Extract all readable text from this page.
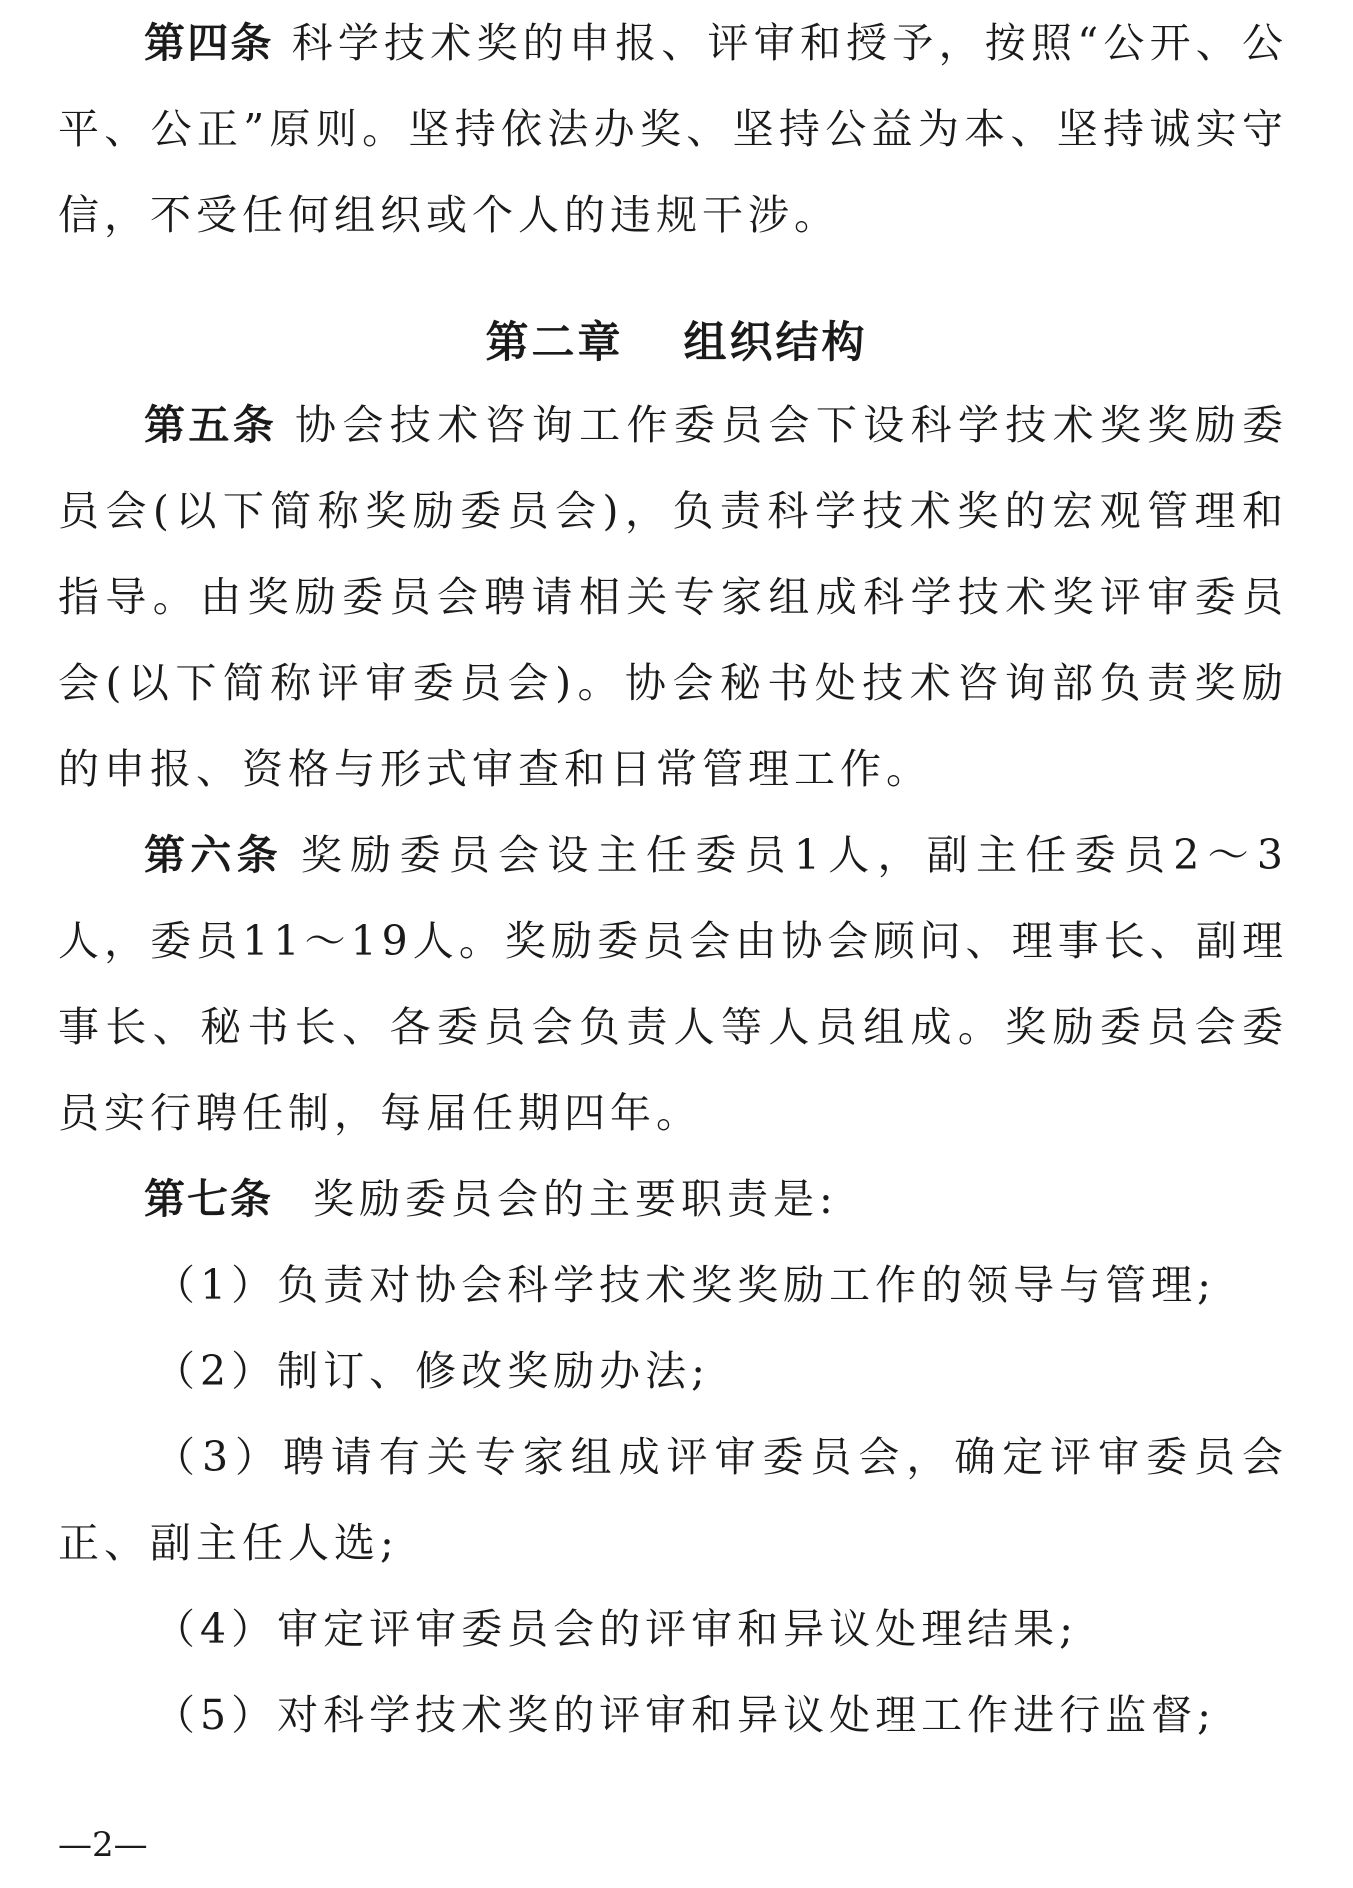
第四条 科学技术奖的申报、评审和授予，按照“公开、公平、公正”原则。坚持依法办奖、坚持公益为本、坚持诚实守信，不受任何组织或个人的违规干涉。

第二章 组织结构

第五条 协会技术咨询工作委员会下设科学技术奖奖励委员会(以下简称奖励委员会)，负责科学技术奖的宏观管理和指导。由奖励委员会聘请相关专家组成科学技术奖评审委员会(以下简称评审委员会)。协会秘书处技术咨询部负责奖励的申报、资格与形式审查和日常管理工作。

第六条 奖励委员会设主任委员1人，副主任委员2～3人，委员11～19人。奖励委员会由协会顾问、理事长、副理事长、秘书长、各委员会负责人等人员组成。奖励委员会委员实行聘任制，每届任期四年。

第七条 奖励委员会的主要职责是:

（1）负责对协会科学技术奖奖励工作的领导与管理;

（2）制订、修改奖励办法;

（3）聘请有关专家组成评审委员会，确定评审委员会正、副主任人选;

（4）审定评审委员会的评审和异议处理结果;

（5）对科学技术奖的评审和异议处理工作进行监督;

—2—
